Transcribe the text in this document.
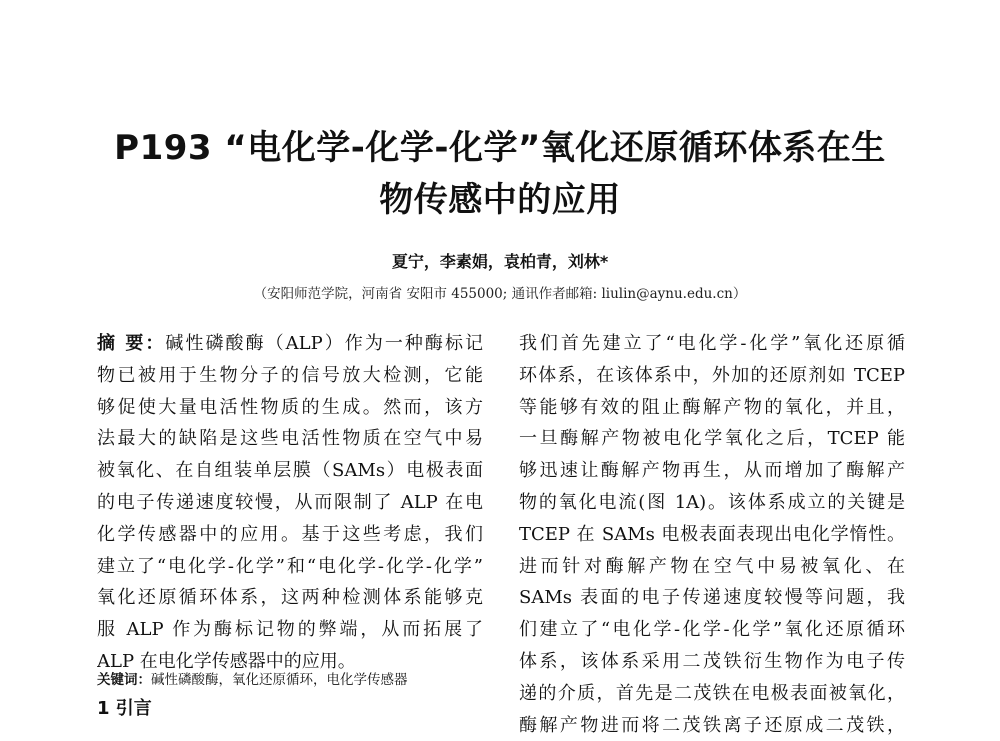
P193 “电化学-化学-化学”氧化还原循环体系在生
物传感中的应用
夏宁，李素娟，袁柏青，刘林*
（安阳师范学院，河南省 安阳市 455000; 通讯作者邮箱: liulin@aynu.edu.cn）
摘 要：碱性磷酸酶（ALP）作为一种酶标记
物已被用于生物分子的信号放大检测，它能
够促使大量电活性物质的生成。然而，该方
法最大的缺陷是这些电活性物质在空气中易
被氧化、在自组装单层膜（SAMs）电极表面
的电子传递速度较慢，从而限制了 ALP 在电
化学传感器中的应用。基于这些考虑，我们
建立了“电化学-化学”和“电化学-化学-化学”
氧化还原循环体系，这两种检测体系能够克
服 ALP 作为酶标记物的弊端，从而拓展了
ALP 在电化学传感器中的应用。
关键词：碱性磷酸酶，氧化还原循环，电化学传感器
1 引言
我们首先建立了“电化学-化学”氧化还原循
环体系，在该体系中，外加的还原剂如 TCEP
等能够有效的阻止酶解产物的氧化，并且，
一旦酶解产物被电化学氧化之后，TCEP 能
够迅速让酶解产物再生，从而增加了酶解产
物的氧化电流(图 1A)。该体系成立的关键是
TCEP 在 SAMs 电极表面表现出电化学惰性。
进而针对酶解产物在空气中易被氧化、在
SAMs 表面的电子传递速度较慢等问题，我
们建立了“电化学-化学-化学”氧化还原循环
体系，该体系采用二茂铁衍生物作为电子传
递的介质，首先是二茂铁在电极表面被氧化，
酶解产物进而将二茂铁离子还原成二茂铁，
